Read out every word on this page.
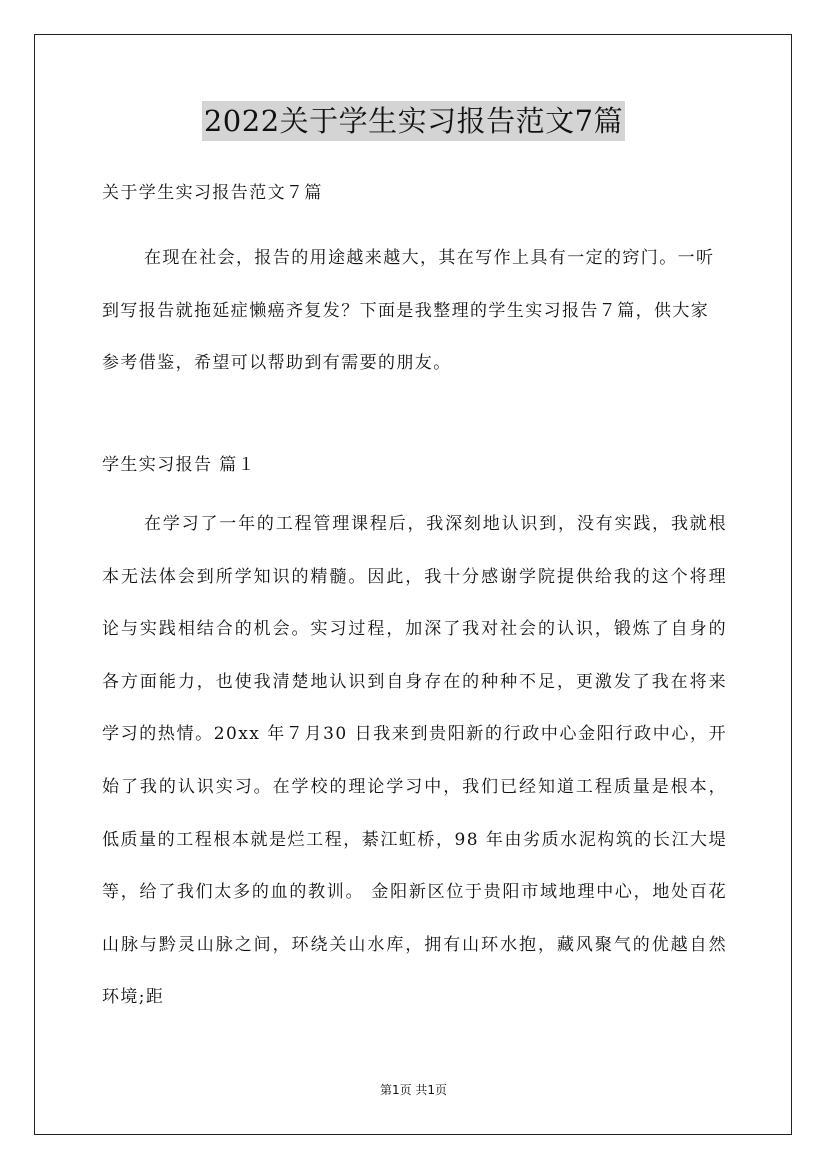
2022关于学生实习报告范文7篇
关于学生实习报告范文７篇
在现在社会，报告的用途越来越大，其在写作上具有一定的窍门。一听到写报告就拖延症懒癌齐复发？下面是我整理的学生实习报告７篇，供大家参考借鉴，希望可以帮助到有需要的朋友。
学生实习报告 篇１
在学习了一年的工程管理课程后，我深刻地认识到，没有实践，我就根本无法体会到所学知识的精髓。因此，我十分感谢学院提供给我的这个将理论与实践相结合的机会。实习过程，加深了我对社会的认识，锻炼了自身的各方面能力，也使我清楚地认识到自身存在的种种不足，更激发了我在将来学习的热情。20xx 年７月30 日我来到贵阳新的行政中心金阳行政中心，开始了我的认识实习。在学校的理论学习中，我们已经知道工程质量是根本，低质量的工程根本就是烂工程，綦江虹桥，98 年由劣质水泥构筑的长江大堤等，给了我们太多的血的教训。 金阳新区位于贵阳市域地理中心，地处百花山脉与黔灵山脉之间，环绕关山水库，拥有山环水抱，藏风聚气的优越自然环境;距
第1页 共1页
